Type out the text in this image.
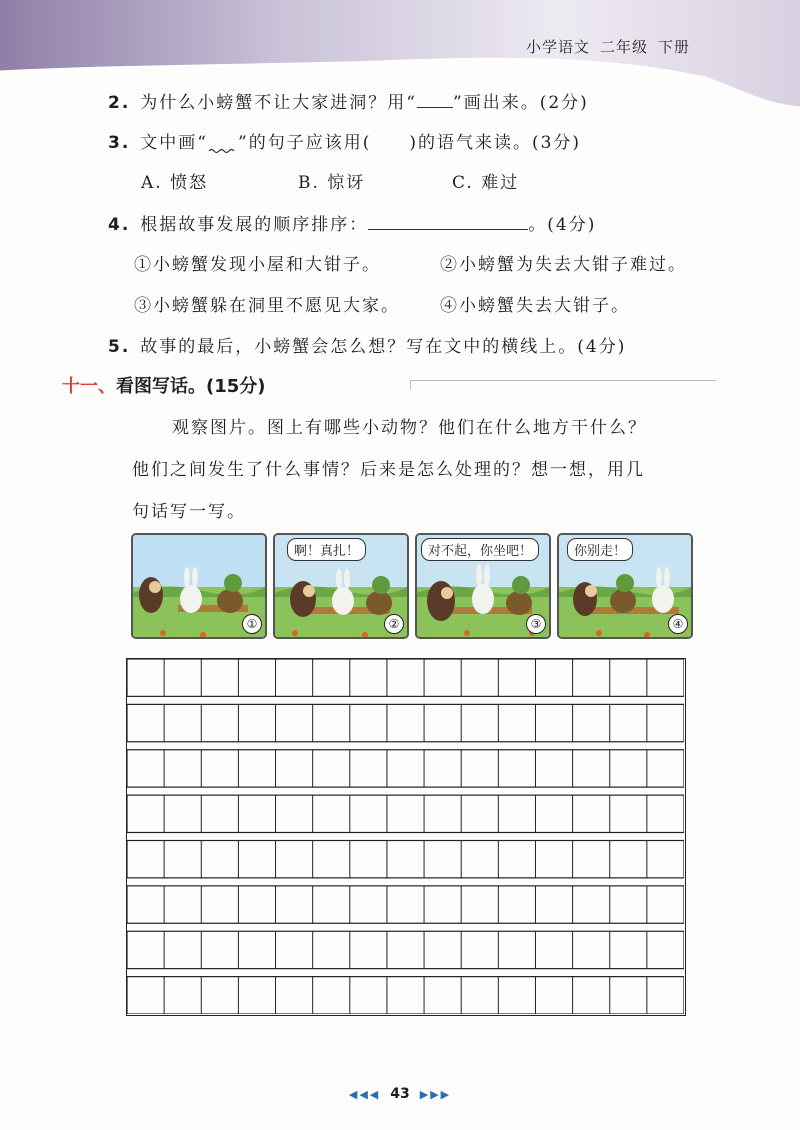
小学语文 二年级 下册
2. 为什么小螃蟹不让大家进洞？用“ ”画出来。(2分)
3. 文中画“ ”的句子应该用(　　)的语气来读。(3分)
A. 愤怒	B. 惊讶	C. 难过
4. 根据故事发展的顺序排序：	。(4分)
①小螃蟹发现小屋和大钳子。	②小螃蟹为失去大钳子难过。
③小螃蟹躲在洞里不愿见大家。 ④小螃蟹失去大钳子。
5. 故事的最后，小螃蟹会怎么想？写在文中的横线上。(4分)
十一、看图写话。(15分)
观察图片。图上有哪些小动物？他们在什么地方干什么？
他们之间发生了什么事情？后来是怎么处理的？想一想，用几
句话写一写。
①
啊！真扎！
②
对不起，你坐吧！
③
你别走！
④
◀◀◀ 43 ▶▶▶
